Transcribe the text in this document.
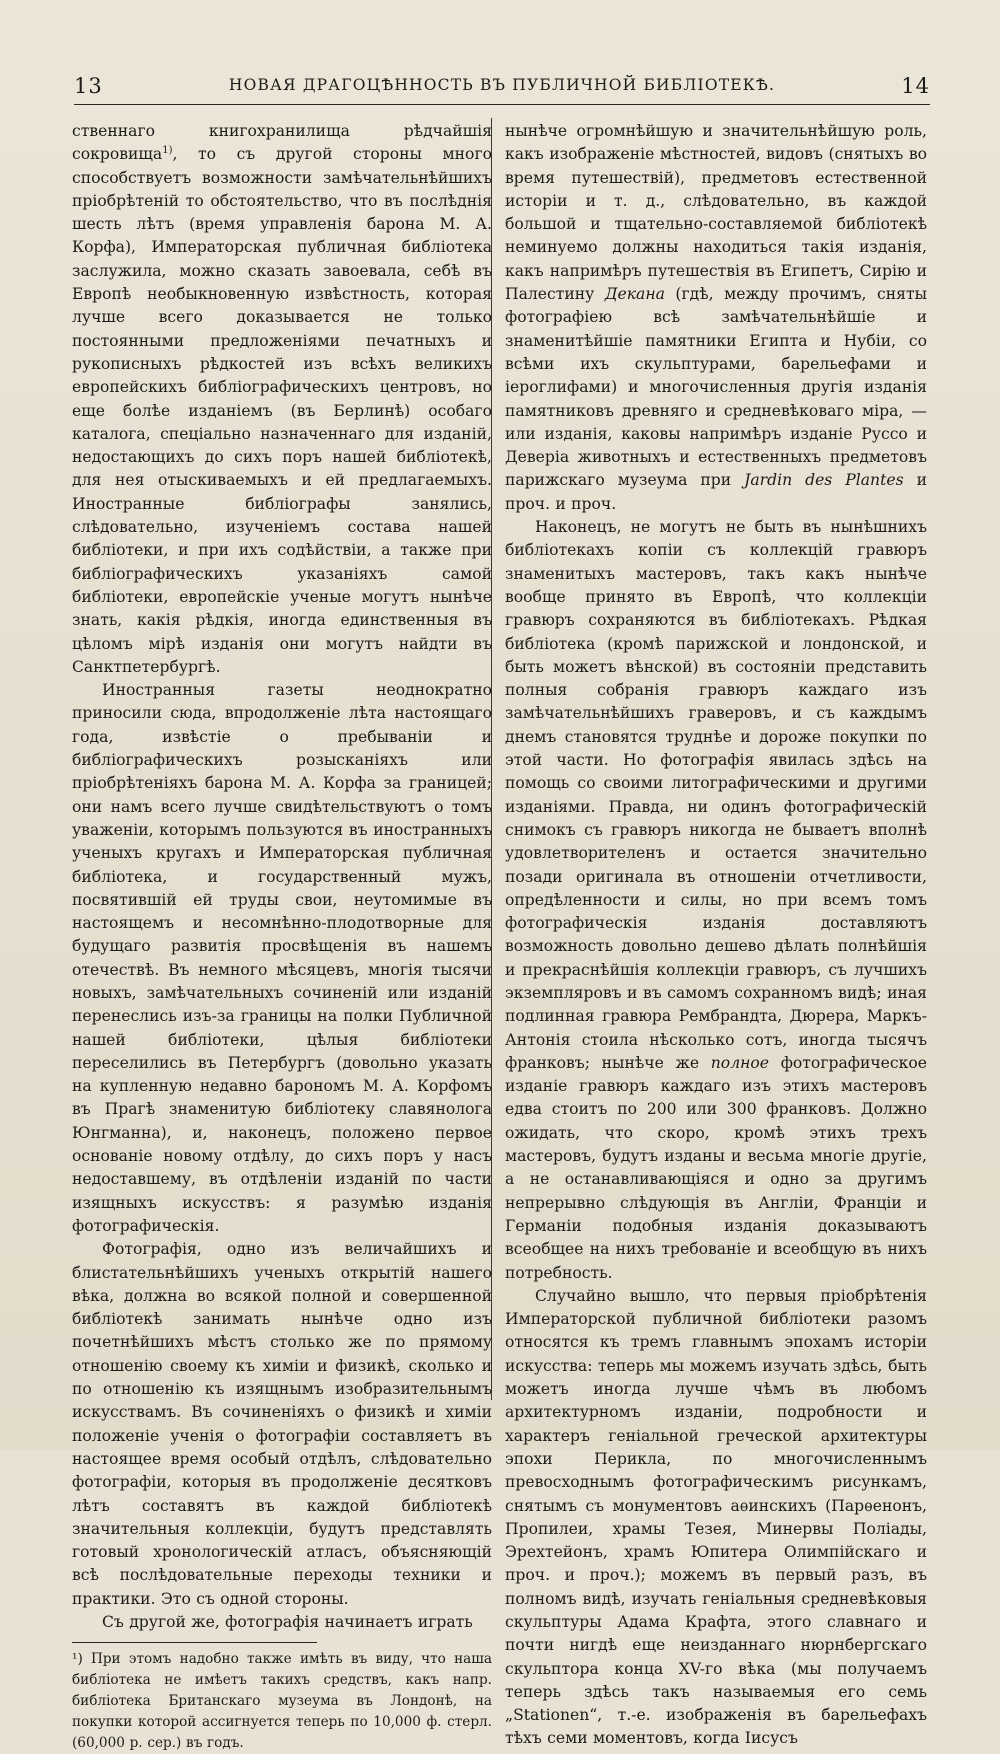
13	НОВАЯ ДРАГОЦѢННОСТЬ ВЪ ПУБЛИЧНОЙ БИБЛІОТЕКѢ.	14

ственнаго книгохранилища рѣдчайшія сокровища$^{1)}$, то съ другой стороны много способствуетъ возможности замѣчательнѣйшихъ пріобрѣтеній то обстоятельство, что въ послѣднія шесть лѣтъ (время управленія барона М. А. Корфа), Императорская публичная библіотека заслужила, можно сказать завоевала, себѣ въ Европѣ необыкновенную извѣстность, которая лучше всего доказывается не только постоянными предложеніями печатныхъ и рукописныхъ рѣдкостей изъ всѣхъ великихъ европейскихъ библіографическихъ центровъ, но еще болѣе изданіемъ (въ Берлинѣ) особаго каталога, спеціально назначеннаго для изданій, недостающихъ до сихъ поръ нашей библіотекѣ, для нея отыскиваемыхъ и ей предлагаемыхъ. Иностранные библіографы занялись, слѣдовательно, изученіемъ состава нашей библіотеки, и при ихъ содѣйствіи, а также при библіографическихъ указаніяхъ самой библіотеки, европейскіе ученые могутъ нынѣче знать, какія рѣдкія, иногда единственныя въ цѣломъ мірѣ изданія они могутъ найдти въ Санктпетербургѣ.

Иностранныя газеты неоднократно приносили сюда, впродолженіе лѣта настоящаго года, извѣстіе о пребываніи и библіографическихъ розысканіяхъ или пріобрѣтеніяхъ барона М. А. Корфа за границей; они намъ всего лучше свидѣтельствуютъ о томъ уваженіи, которымъ пользуются въ иностранныхъ ученыхъ кругахъ и Императорская публичная библіотека, и государственный мужъ, посвятившій ей труды свои, неутомимые въ настоящемъ и несомнѣнно-плодотворные для будущаго развитія просвѣщенія въ нашемъ отечествѣ. Въ немного мѣсяцевъ, многія тысячи новыхъ, замѣчательныхъ сочиненій или изданій перенеслись изъ-за границы на полки Публичной нашей библіотеки, цѣлыя библіотеки переселились въ Петербургъ (довольно указать на купленную недавно барономъ М. А. Корфомъ въ Прагѣ знаменитую библіотеку славянолога Юнгманна), и, наконецъ, положено первое основаніе новому отдѣлу, до сихъ поръ у насъ недоставшему, въ отдѣленіи изданій по части изящныхъ искусствъ: я разумѣю изданія фотографическія.

Фотографія, одно изъ величайшихъ и блистательнѣйшихъ ученыхъ открытій нашего вѣка, должна во всякой полной и совершенной библіотекѣ занимать нынѣче одно изъ почетнѣйшихъ мѣстъ столько же по прямому отношенію своему къ химіи и физикѣ, сколько и по отношенію къ изящнымъ изобразительнымъ искусствамъ. Въ сочиненіяхъ о физикѣ и химіи положеніе ученія о фотографіи составляетъ въ настоящее время особый отдѣлъ, слѣдовательно фотографіи, которыя въ продолженіе десятковъ лѣтъ составятъ въ каждой библіотекѣ значительныя коллекціи, будутъ представлять готовый хронологическій атласъ, объясняющій всѣ послѣдовательные переходы техники и практики. Это съ одной стороны.

Съ другой же, фотографія начинаетъ играть

¹) При этомъ надобно также имѣть въ виду, что наша библіотека не имѣетъ такихъ средствъ, какъ напр. библіотека Британскаго музеума въ Лондонѣ, на покупки которой ассигнуется теперь по 10,000 ф. стерл. (60,000 р. сер.) въ годъ.

нынѣче огромнѣйшую и значительнѣйшую роль, какъ изображеніе мѣстностей, видовъ (снятыхъ во время путешествій), предметовъ естественной исторіи и т. д., слѣдовательно, въ каждой большой и тщательно-составляемой библіотекѣ неминуемо должны находиться такія изданія, какъ напримѣръ путешествія въ Египетъ, Сирію и Палестину Декана (гдѣ, между прочимъ, сняты фотографіею всѣ замѣчательнѣйшіе и знаменитѣйшіе памятники Египта и Нубіи, со всѣми ихъ скульптурами, барельефами и іероглифами) и многочисленныя другія изданія памятниковъ древняго и средневѣковаго міра, — или изданія, каковы напримѣръ изданіе Руссо и Деверіа животныхъ и естественныхъ предметовъ парижскаго музеума при Jardin des Plantes и проч. и проч.

Наконецъ, не могутъ не быть въ нынѣшнихъ библіотекахъ копіи съ коллекцій гравюръ знаменитыхъ мастеровъ, такъ какъ нынѣче вообще принято въ Европѣ, что коллекціи гравюръ сохраняются въ библіотекахъ. Рѣдкая библіотека (кромѣ парижской и лондонской, и быть можетъ вѣнской) въ состояніи представить полныя собранія гравюръ каждаго изъ замѣчательнѣйшихъ граверовъ, и съ каждымъ днемъ становятся труднѣе и дороже покупки по этой части. Но фотографія явилась здѣсь на помощь со своими литографическими и другими изданіями. Правда, ни одинъ фотографическій снимокъ съ гравюръ никогда не бываетъ вполнѣ удовлетворителенъ и остается значительно позади оригинала въ отношеніи отчетливости, опредѣленности и силы, но при всемъ томъ фотографическія изданія доставляютъ возможность довольно дешево дѣлать полнѣйшія и прекраснѣйшія коллекціи гравюръ, съ лучшихъ экземпляровъ и въ самомъ сохранномъ видѣ; иная подлинная гравюра Рембрандта, Дюрера, Маркъ-Антонія стоила нѣсколько сотъ, иногда тысячъ франковъ; нынѣче же полное фотографическое изданіе гравюръ каждаго изъ этихъ мастеровъ едва стоитъ по 200 или 300 франковъ. Должно ожидать, что скоро, кромѣ этихъ трехъ мастеровъ, будутъ изданы и весьма многіе другіе, а не останавливающіяся и одно за другимъ непрерывно слѣдующія въ Англіи, Франціи и Германіи подобныя изданія доказываютъ всеобщее на нихъ требованіе и всеобщую въ нихъ потребность.

Случайно вышло, что первыя пріобрѣтенія Императорской публичной библіотеки разомъ относятся къ тремъ главнымъ эпохамъ исторіи искусства: теперь мы можемъ изучать здѣсь, быть можетъ иногда лучше чѣмъ въ любомъ архитектурномъ изданіи, подробности и характеръ геніальной греческой архитектуры эпохи Перикла, по многочисленнымъ превосходнымъ фотографическимъ рисункамъ, снятымъ съ монументовъ аѳинскихъ (Парѳенонъ, Пропилеи, храмы Тезея, Минервы Поліады, Эрехтейонъ, храмъ Юпитера Олимпійскаго и проч. и проч.); можемъ въ первый разъ, въ полномъ видѣ, изучать геніальныя средневѣковыя скульптуры Адама Крафта, этого славнаго и почти нигдѣ еще неизданнаго нюрнбергскаго скульптора конца XV-го вѣка (мы получаемъ теперь здѣсь такъ называемыя его семь „Stationen“, т.-е. изображенія въ барельефахъ тѣхъ семи моментовъ, когда Іисусъ
